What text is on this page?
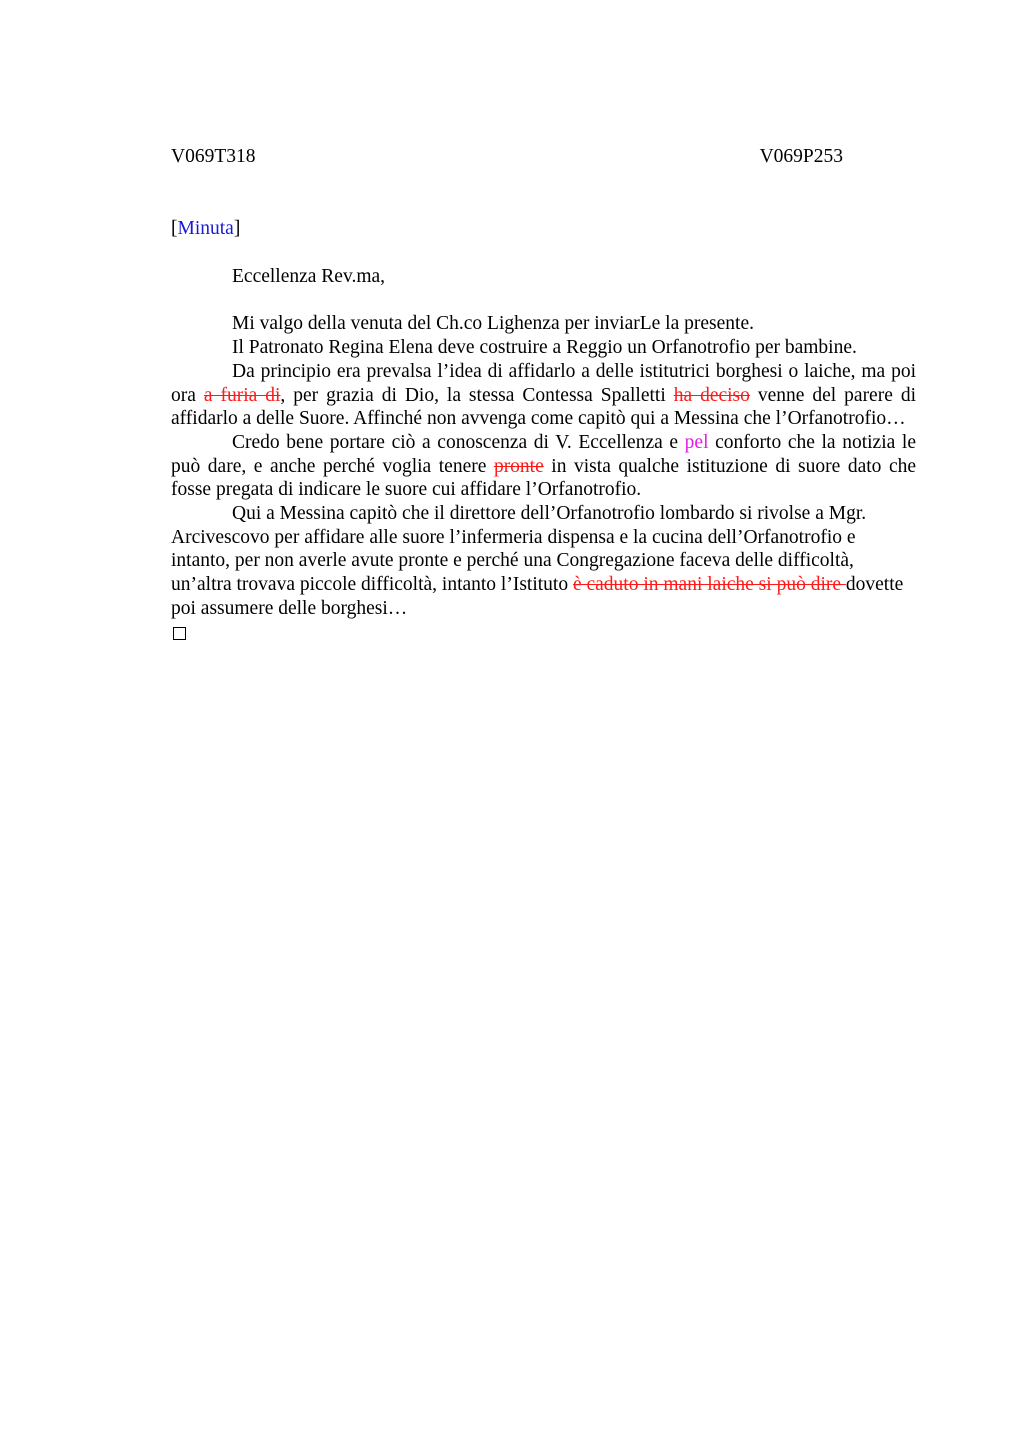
V069T318	V069P253
[Minuta]
Eccellenza Rev.ma,

Mi valgo della venuta del Ch.co Lighenza per inviarLe la presente.

Il Patronato Regina Elena deve costruire a Reggio un Orfanotrofio per bambine.

Da principio era prevalsa l’idea di affidarlo a delle istitutrici borghesi o laiche, ma poi ora a furia di, per grazia di Dio, la stessa Contessa Spalletti ha deciso venne del parere di affidarlo a delle Suore. Affinché non avvenga come capitò qui a Messina che l’Orfanotrofio…

Credo bene portare ciò a conoscenza di V. Eccellenza e pel conforto che la notizia le può dare, e anche perché voglia tenere pronte in vista qualche istituzione di suore dato che fosse pregata di indicare le suore cui affidare l’Orfanotrofio.

Qui a Messina capitò che il direttore dell’Orfanotrofio lombardo si rivolse a Mgr. Arcivescovo per affidare alle suore l’infermeria dispensa e la cucina dell’Orfanotrofio e intanto, per non averle avute pronte e perché una Congregazione faceva delle difficoltà, un’altra trovava piccole difficoltà, intanto l’Istituto è caduto in mani laiche si può dire dovette poi assumere delle borghesi…
